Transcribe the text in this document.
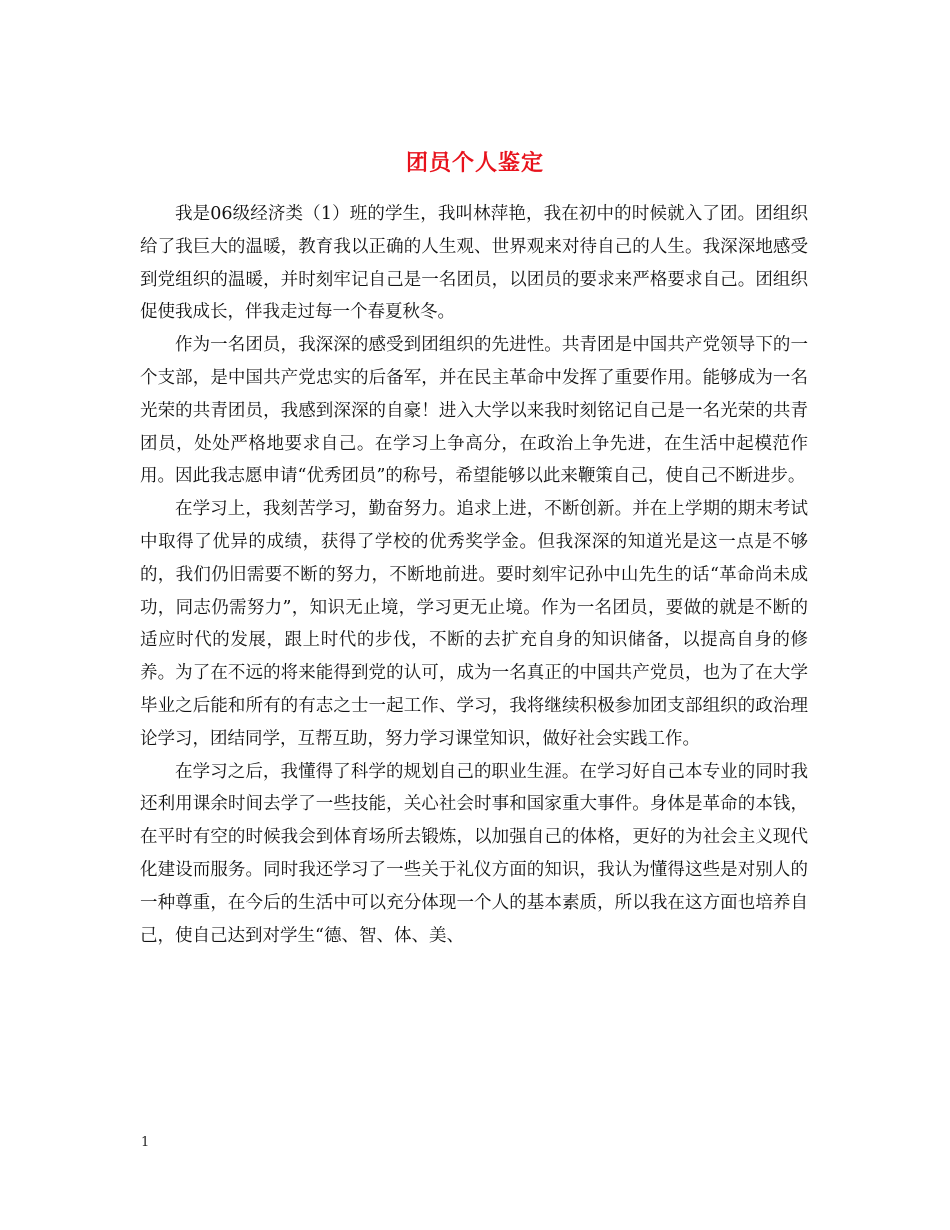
团员个人鉴定

我是06级经济类（1）班的学生，我叫林萍艳，我在初中的时候就入了团。团组织给了我巨大的温暖，教育我以正确的人生观、世界观来对待自己的人生。我深深地感受到党组织的温暖，并时刻牢记自己是一名团员，以团员的要求来严格要求自己。团组织促使我成长，伴我走过每一个春夏秋冬。

作为一名团员，我深深的感受到团组织的先进性。共青团是中国共产党领导下的一个支部，是中国共产党忠实的后备军，并在民主革命中发挥了重要作用。能够成为一名光荣的共青团员，我感到深深的自豪！进入大学以来我时刻铭记自己是一名光荣的共青团员，处处严格地要求自己。在学习上争高分，在政治上争先进，在生活中起模范作用。因此我志愿申请“优秀团员”的称号，希望能够以此来鞭策自己，使自己不断进步。

在学习上，我刻苦学习，勤奋努力。追求上进，不断创新。并在上学期的期末考试中取得了优异的成绩，获得了学校的优秀奖学金。但我深深的知道光是这一点是不够的，我们仍旧需要不断的努力，不断地前进。要时刻牢记孙中山先生的话“革命尚未成功，同志仍需努力”，知识无止境，学习更无止境。作为一名团员，要做的就是不断的适应时代的发展，跟上时代的步伐，不断的去扩充自身的知识储备，以提高自身的修养。为了在不远的将来能得到党的认可，成为一名真正的中国共产党员，也为了在大学毕业之后能和所有的有志之士一起工作、学习，我将继续积极参加团支部组织的政治理论学习，团结同学，互帮互助，努力学习课堂知识，做好社会实践工作。

在学习之后，我懂得了科学的规划自己的职业生涯。在学习好自己本专业的同时我还利用课余时间去学了一些技能，关心社会时事和国家重大事件。身体是革命的本钱，在平时有空的时候我会到体育场所去锻炼，以加强自己的体格，更好的为社会主义现代化建设而服务。同时我还学习了一些关于礼仪方面的知识，我认为懂得这些是对别人的一种尊重，在今后的生活中可以充分体现一个人的基本素质，所以我在这方面也培养自己，使自己达到对学生“德、智、体、美、

1
